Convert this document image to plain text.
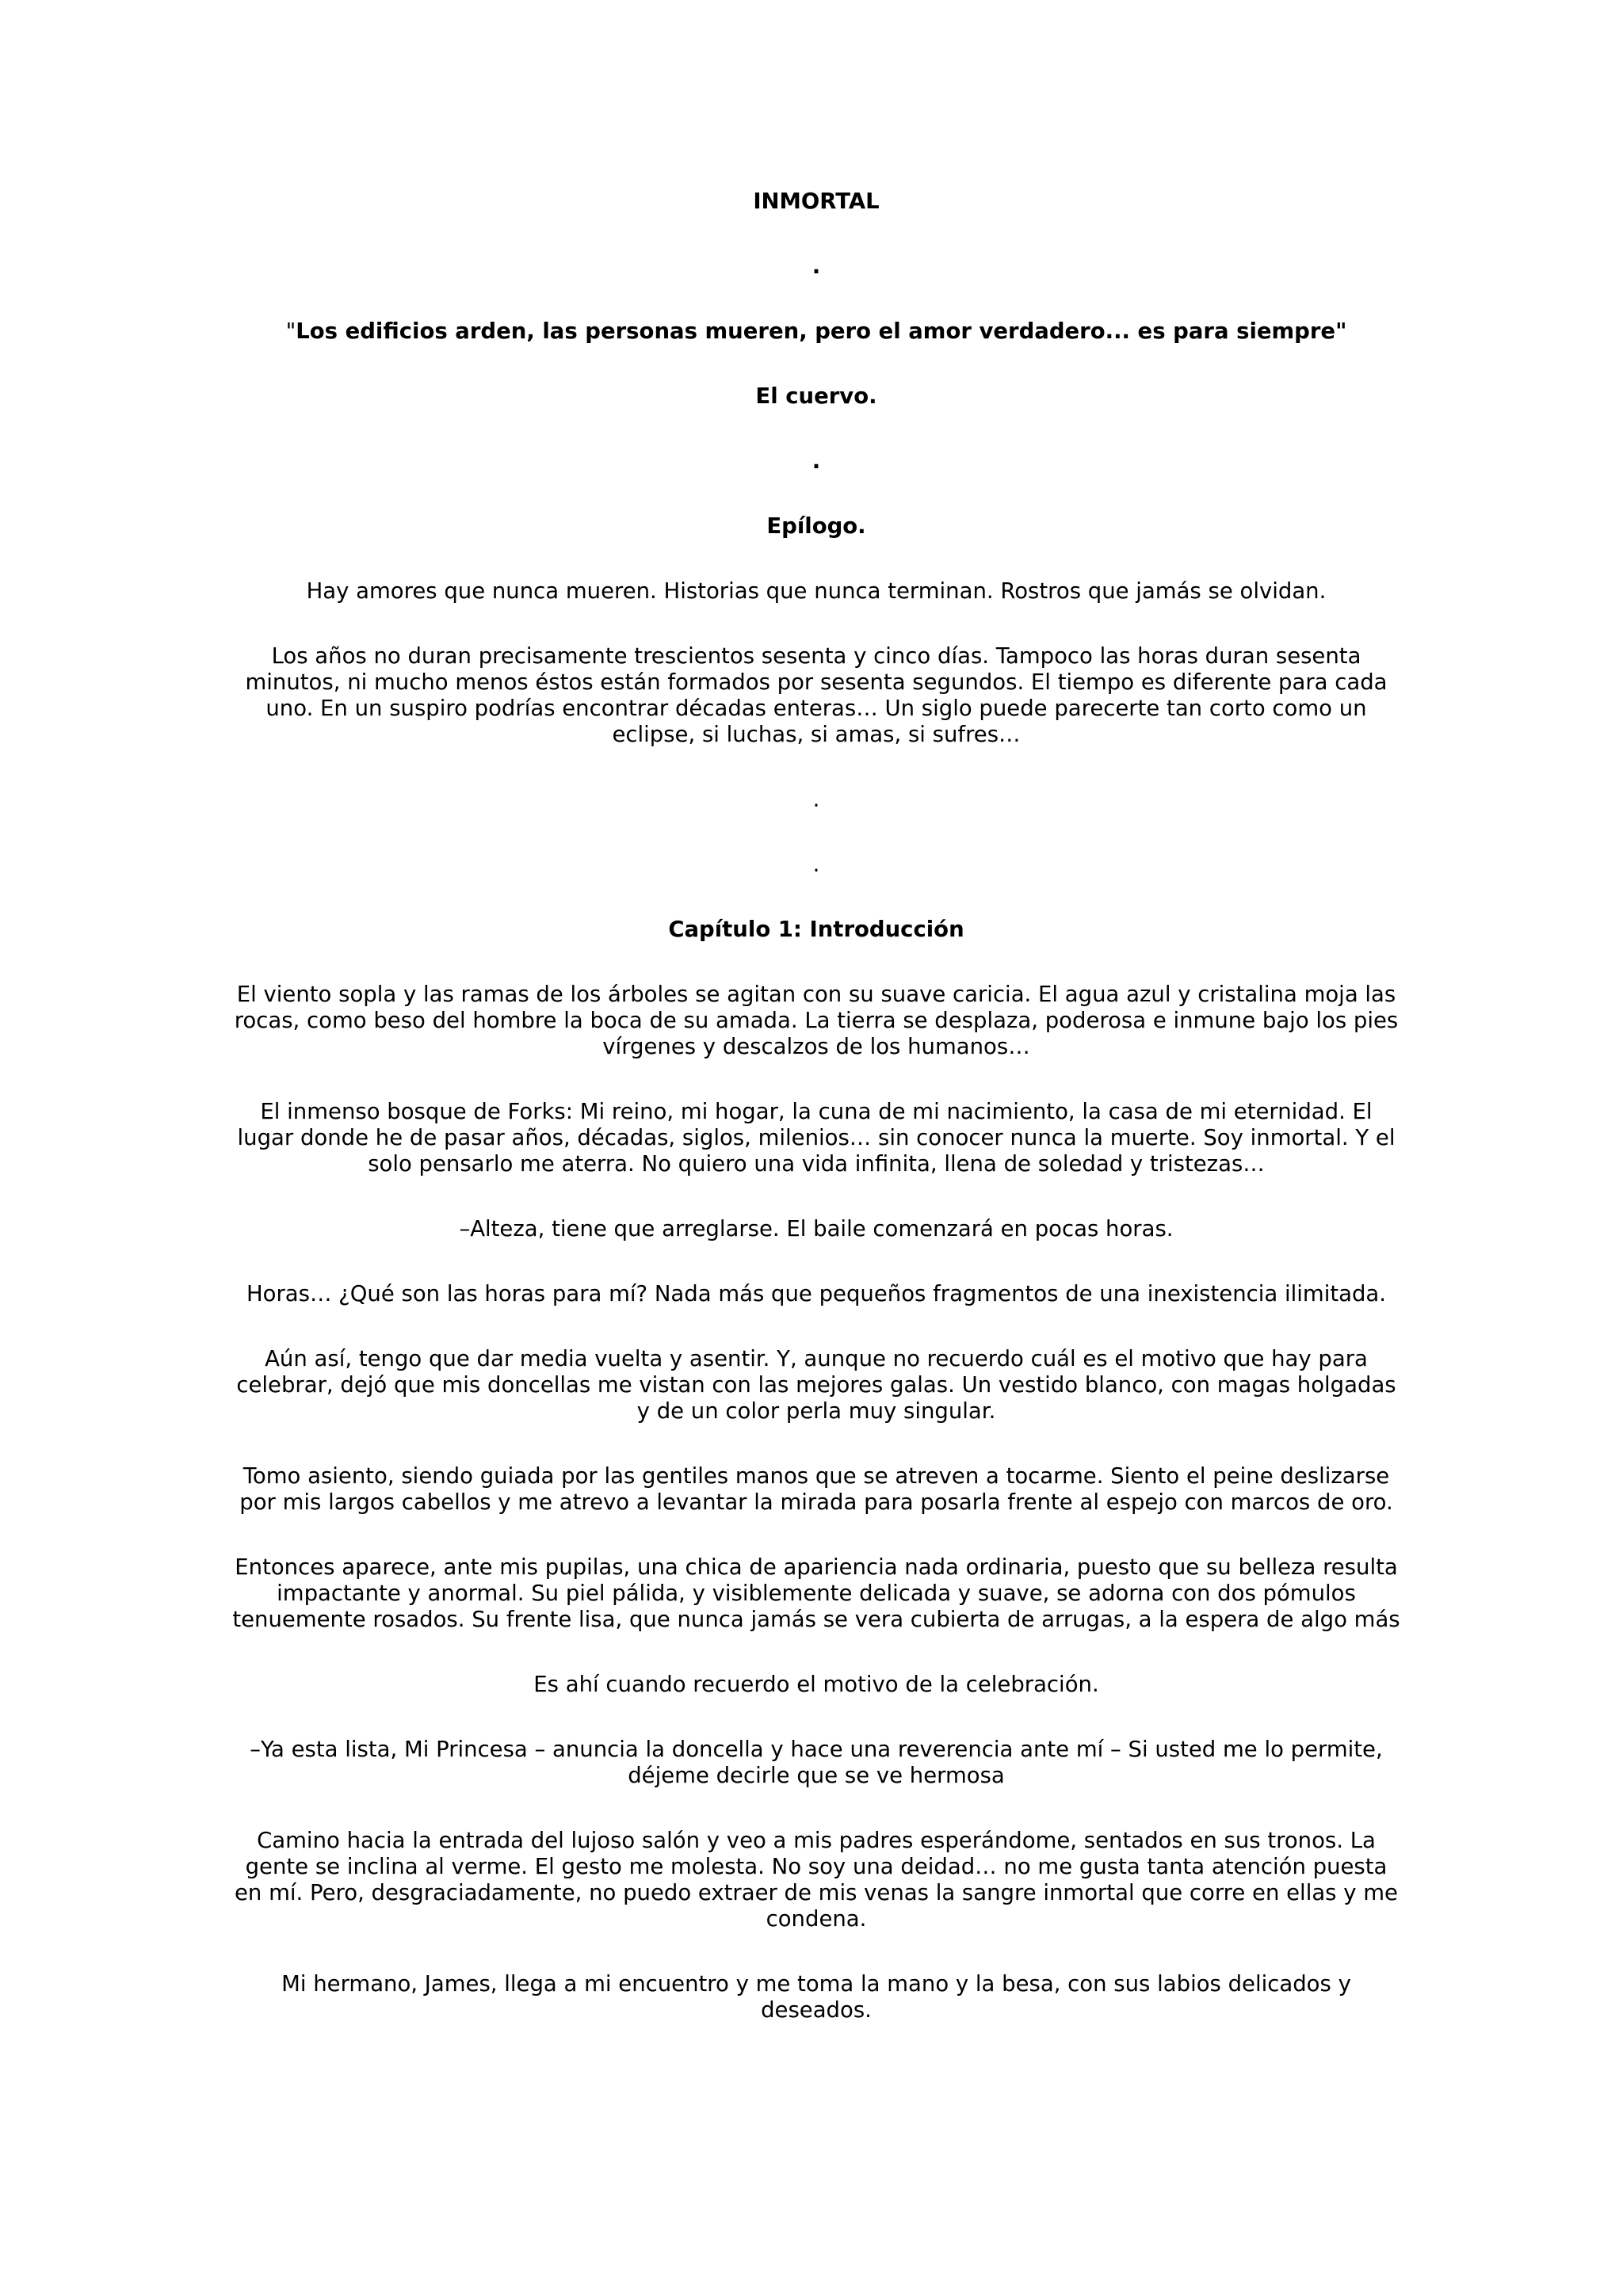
INMORTAL

.

"Los edificios arden, las personas mueren, pero el amor verdadero... es para siempre"

El cuervo.

.

Epílogo.

Hay amores que nunca mueren. Historias que nunca terminan. Rostros que jamás se olvidan.

Los años no duran precisamente trescientos sesenta y cinco días. Tampoco las horas duran sesenta minutos, ni mucho menos éstos están formados por sesenta segundos. El tiempo es diferente para cada uno. En un suspiro podrías encontrar décadas enteras… Un siglo puede parecerte tan corto como un eclipse, si luchas, si amas, si sufres…

.

.

Capítulo 1: Introducción

El viento sopla y las ramas de los árboles se agitan con su suave caricia. El agua azul y cristalina moja las rocas, como beso del hombre la boca de su amada. La tierra se desplaza, poderosa e inmune bajo los pies vírgenes y descalzos de los humanos…

El inmenso bosque de Forks: Mi reino, mi hogar, la cuna de mi nacimiento, la casa de mi eternidad. El lugar donde he de pasar años, décadas, siglos, milenios… sin conocer nunca la muerte. Soy inmortal. Y el solo pensarlo me aterra. No quiero una vida infinita, llena de soledad y tristezas…

–Alteza, tiene que arreglarse. El baile comenzará en pocas horas.

Horas… ¿Qué son las horas para mí? Nada más que pequeños fragmentos de una inexistencia ilimitada.

Aún así, tengo que dar media vuelta y asentir. Y, aunque no recuerdo cuál es el motivo que hay para celebrar, dejó que mis doncellas me vistan con las mejores galas. Un vestido blanco, con magas holgadas y de un color perla muy singular.

Tomo asiento, siendo guiada por las gentiles manos que se atreven a tocarme. Siento el peine deslizarse por mis largos cabellos y me atrevo a levantar la mirada para posarla frente al espejo con marcos de oro.

Entonces aparece, ante mis pupilas, una chica de apariencia nada ordinaria, puesto que su belleza resulta impactante y anormal. Su piel pálida, y visiblemente delicada y suave, se adorna con dos pómulos tenuemente rosados. Su frente lisa, que nunca jamás se vera cubierta de arrugas, a la espera de algo más

Es ahí cuando recuerdo el motivo de la celebración.

–Ya esta lista, Mi Princesa – anuncia la doncella y hace una reverencia ante mí – Si usted me lo permite, déjeme decirle que se ve hermosa

Camino hacia la entrada del lujoso salón y veo a mis padres esperándome, sentados en sus tronos. La gente se inclina al verme. El gesto me molesta. No soy una deidad… no me gusta tanta atención puesta en mí. Pero, desgraciadamente, no puedo extraer de mis venas la sangre inmortal que corre en ellas y me condena.

Mi hermano, James, llega a mi encuentro y me toma la mano y la besa, con sus labios delicados y deseados.
